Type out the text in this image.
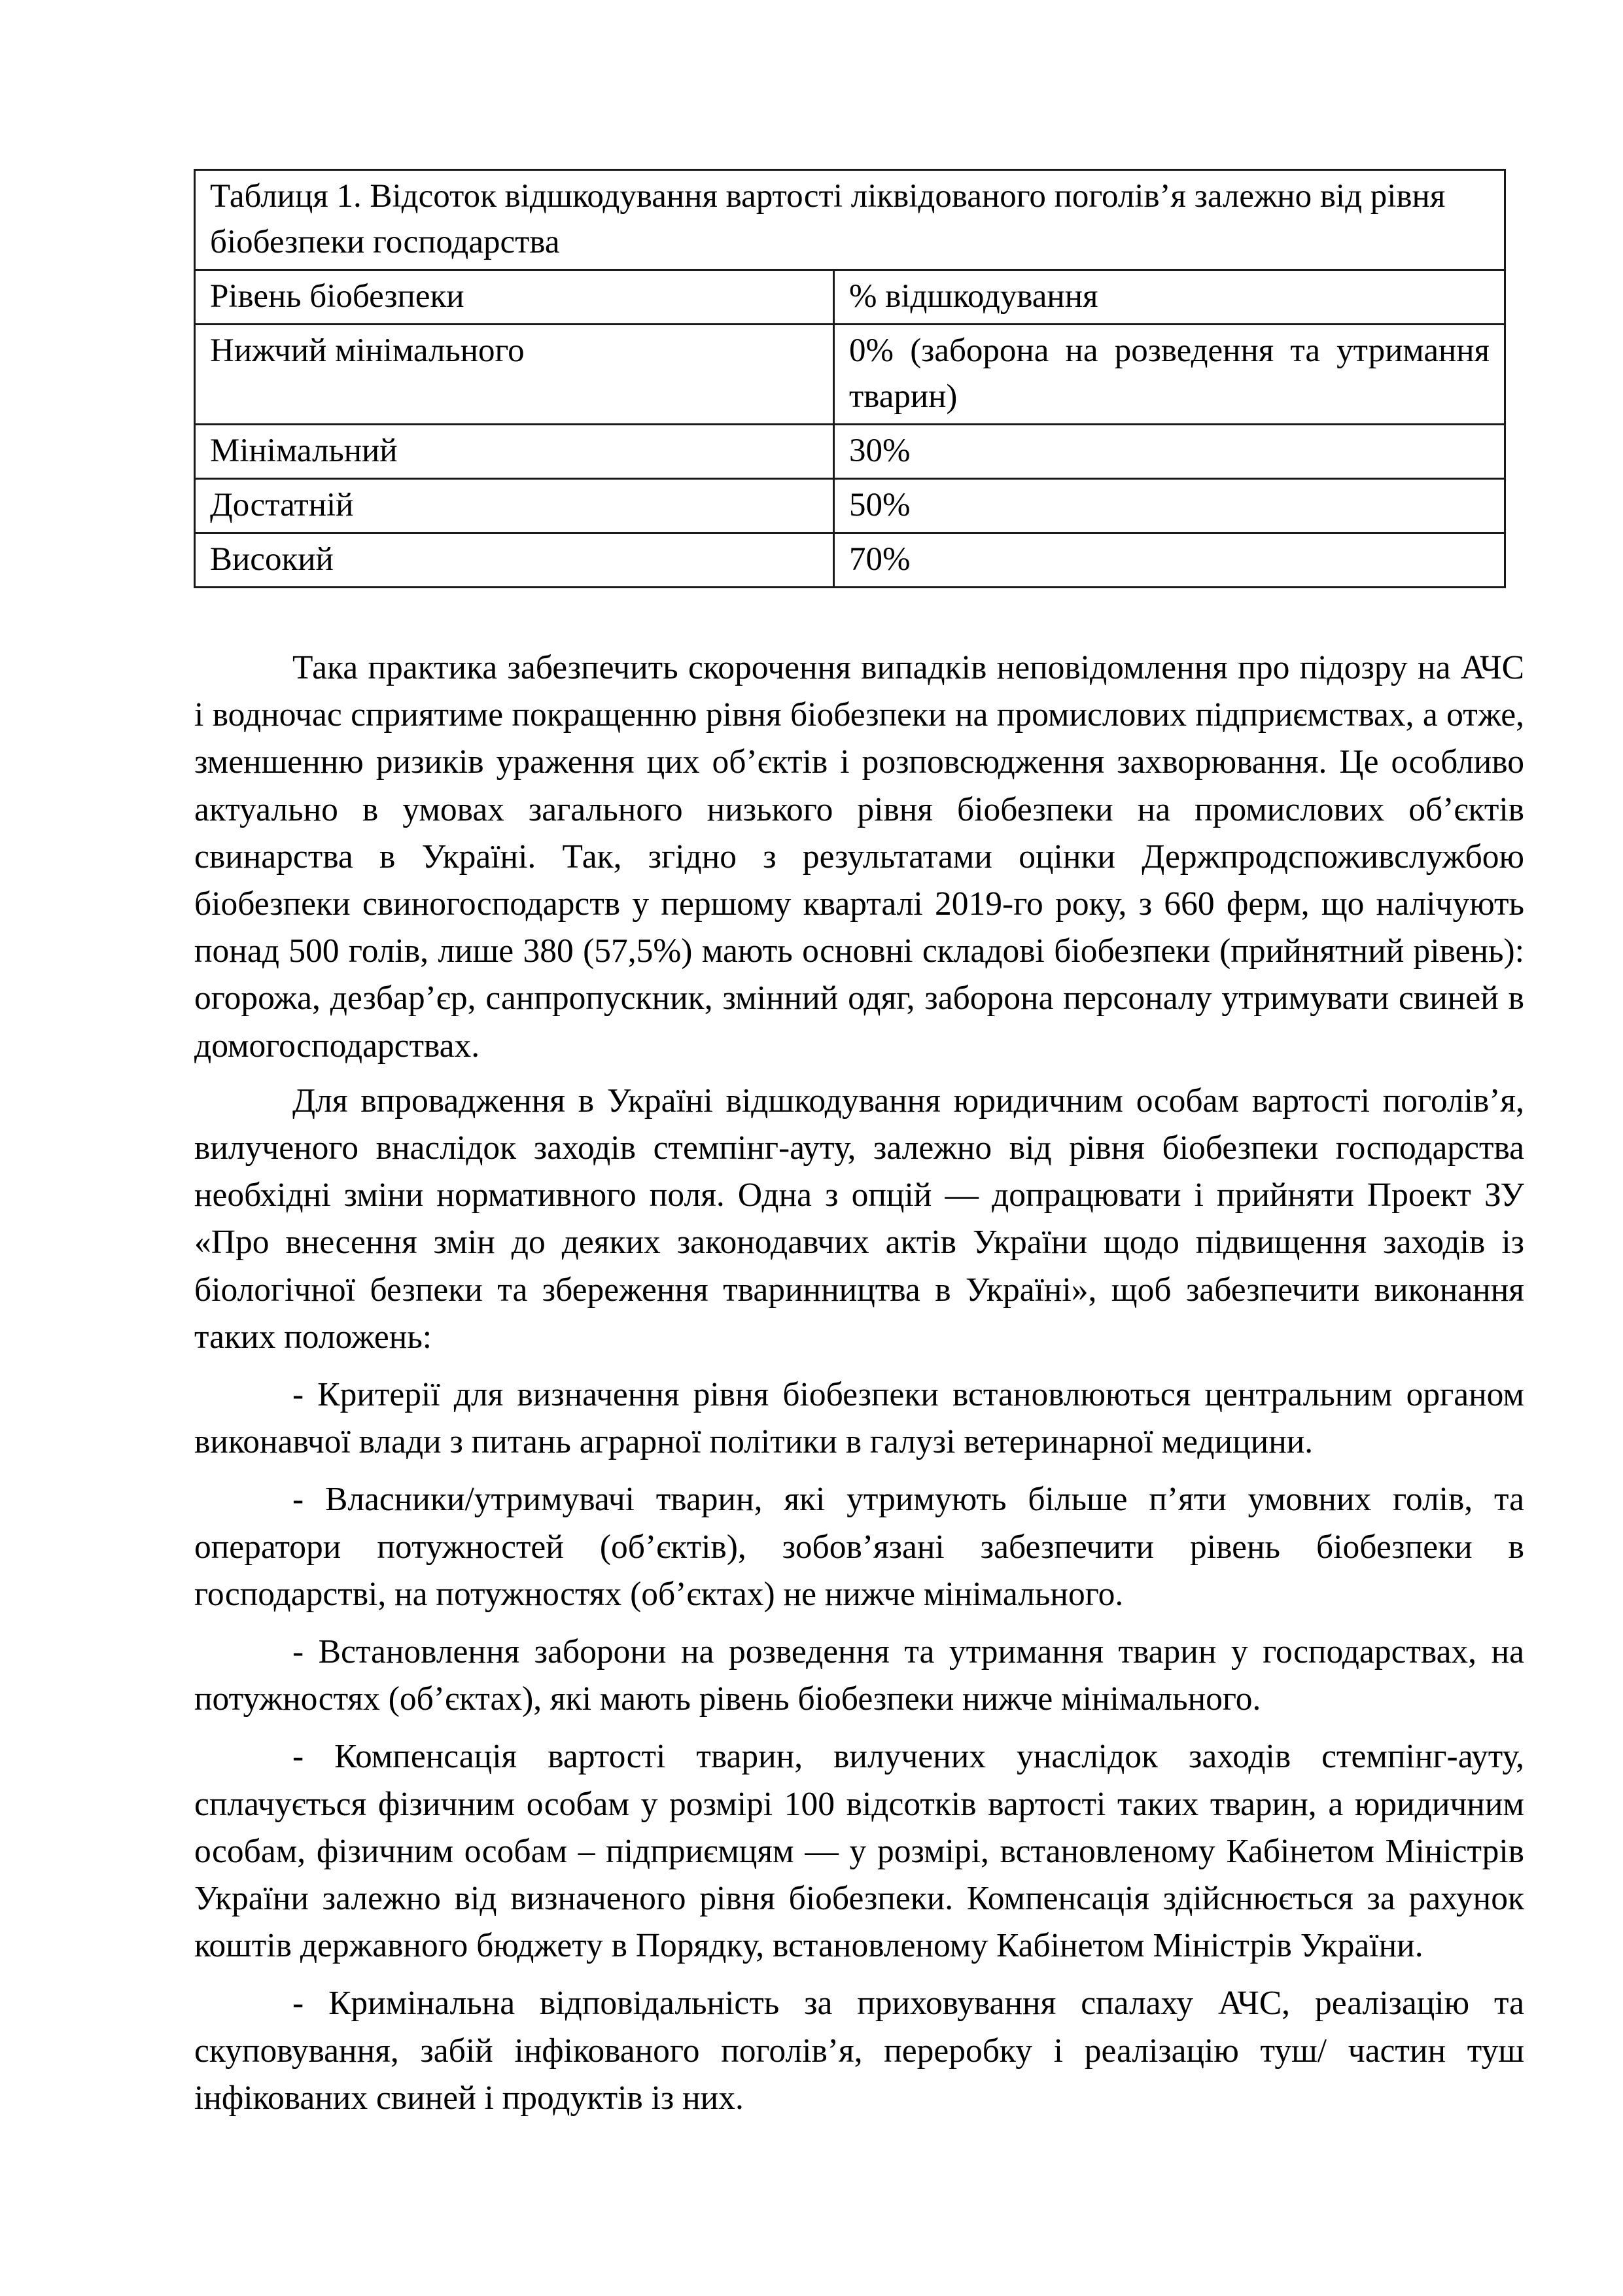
Таблиця 1. Відсоток відшкодування вартості ліквідованого поголів’я залежно від рівня біобезпеки господарства	
Рівень біобезпеки	% відшкодування
Нижчий мінімального	0% (заборона на розведення та утримання тварин)
Мінімальний	30%
Достатній	50%
Високий	70%

Така практика забезпечить скорочення випадків неповідомлення про підозру на АЧС і водночас сприятиме покращенню рівня біобезпеки на промислових підприємствах, а отже, зменшенню ризиків ураження цих об’єктів і розповсюдження захворювання. Це особливо актуально в умовах загального низького рівня біобезпеки на промислових об’єктів свинарства в Україні. Так, згідно з результатами оцінки Держпродспоживслужбою біобезпеки свиногосподарств у першому кварталі 2019-го року, з 660 ферм, що налічують понад 500 голів, лише 380 (57,5%) мають основні складові біобезпеки (прийнятний рівень): огорожа, дезбар’єр, санпропускник, змінний одяг, заборона персоналу утримувати свиней в домогосподарствах.

Для впровадження в Україні відшкодування юридичним особам вартості поголів’я, вилученого внаслідок заходів стемпінг-ауту, залежно від рівня біобезпеки господарства необхідні зміни нормативного поля. Одна з опцій — допрацювати і прийняти Проект ЗУ «Про внесення змін до деяких законодавчих актів України щодо підвищення заходів із біологічної безпеки та збереження тваринництва в Україні», щоб забезпечити виконання таких положень:

- Критерії для визначення рівня біобезпеки встановлюються центральним органом виконавчої влади з питань аграрної політики в галузі ветеринарної медицини.

- Власники/утримувачі тварин, які утримують більше п’яти умовних голів, та оператори потужностей (об’єктів), зобов’язані забезпечити рівень біобезпеки в господарстві, на потужностях (об’єктах) не нижче мінімального.

- Встановлення заборони на розведення та утримання тварин у господарствах, на потужностях (об’єктах), які мають рівень біобезпеки нижче мінімального.

- Компенсація вартості тварин, вилучених унаслідок заходів стемпінг-ауту, сплачується фізичним особам у розмірі 100 відсотків вартості таких тварин, а юридичним особам, фізичним особам – підприємцям — у розмірі, встановленому Кабінетом Міністрів України залежно від визначеного рівня біобезпеки. Компенсація здійснюється за рахунок коштів державного бюджету в Порядку, встановленому Кабінетом Міністрів України.

- Кримінальна відповідальність за приховування спалаху АЧС, реалізацію та скуповування, забій інфікованого поголів’я, переробку і реалізацію туш/ частин туш інфікованих свиней і продуктів із них.
